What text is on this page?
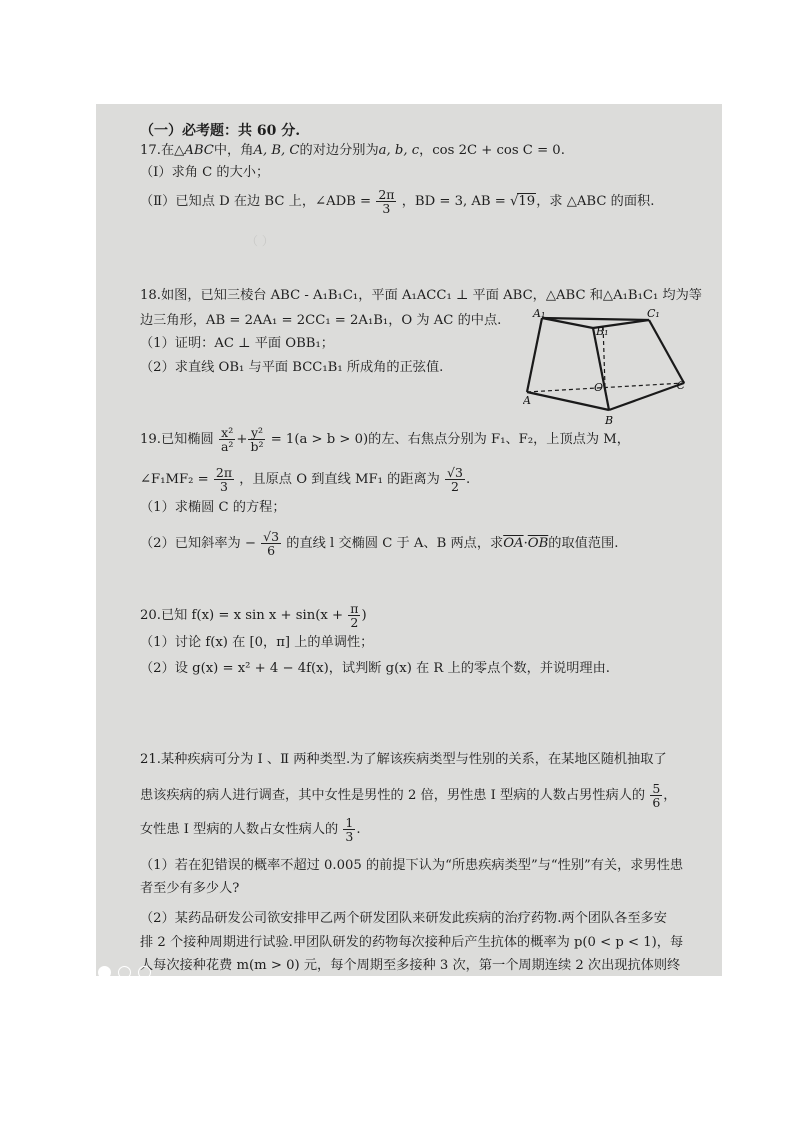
（ ）
（一）必考题：共 60 分.
17.在△ABC中，角A, B, C的对边分别为a, b, c，cos 2C + cos C = 0.
（Ⅰ）求角 C 的大小；
（Ⅱ）已知点 D 在边 BC 上，∠ADB = $\frac{2\pi}{3}$ ，BD = 3, AB = √19，求 △ABC 的面积.
18.如图，已知三棱台 ABC - A₁B₁C₁，平面 A₁ACC₁ ⊥ 平面 ABC，△ABC 和△A₁B₁C₁ 均为等
边三角形，AB = 2AA₁ = 2CC₁ = 2A₁B₁，O 为 AC 的中点.
（1）证明：AC ⊥ 平面 OBB₁；
（2）求直线 OB₁ 与平面 BCC₁B₁ 所成角的正弦值.
A₁
B₁
C₁
A
B
C
O
19.已知椭圆 $\frac{\text{x²}}{\text{a²}} + \frac{\text{y²}}{\text{b²}} = 1(a > b > 0)$的左、右焦点分别为 F₁、F₂，上顶点为 M，
∠F₁MF₂ = $\frac{2\pi}{3}$ ，且原点 O 到直线 MF₁ 的距离为 $\frac{√3}{2}$ .
（1）求椭圆 C 的方程；
（2）已知斜率为 − $\frac{√3}{6}$ 的直线 l 交椭圆 C 于 A、B 两点，求$\overline{OA}\cdot\overline{OB}$的取值范围.
20.已知 f(x) = x $\sin x + \sin(x + \frac{\pi}{2}$ )
（1）讨论 f(x) 在 [0，π] 上的单调性；
（2）设 g(x) = x² + 4 − 4f(x)，试判断 g(x) 在 R 上的零点个数，并说明理由.
21.某种疾病可分为 Ⅰ 、Ⅱ 两种类型.为了解该疾病类型与性别的关系，在某地区随机抽取了
患该疾病的病人进行调查，其中女性是男性的 2 倍，男性患 Ⅰ 型病的人数占男性病人的 $\frac{5}{6}$ ，
女性患 Ⅰ 型病的人数占女性病人的 $\frac{1}{3}$ .
（1）若在犯错误的概率不超过 0.005 的前提下认为“所患疾病类型”与“性别”有关，求男性患
者至少有多少人?
（2）某药品研发公司欲安排甲乙两个研发团队来研发此疾病的治疗药物.两个团队各至多安
排 2 个接种周期进行试验.甲团队研发的药物每次接种后产生抗体的概率为 p(0 < p < 1)，每
人每次接种花费 m(m > 0) 元，每个周期至多接种 3 次，第一个周期连续 2 次出现抗体则终
